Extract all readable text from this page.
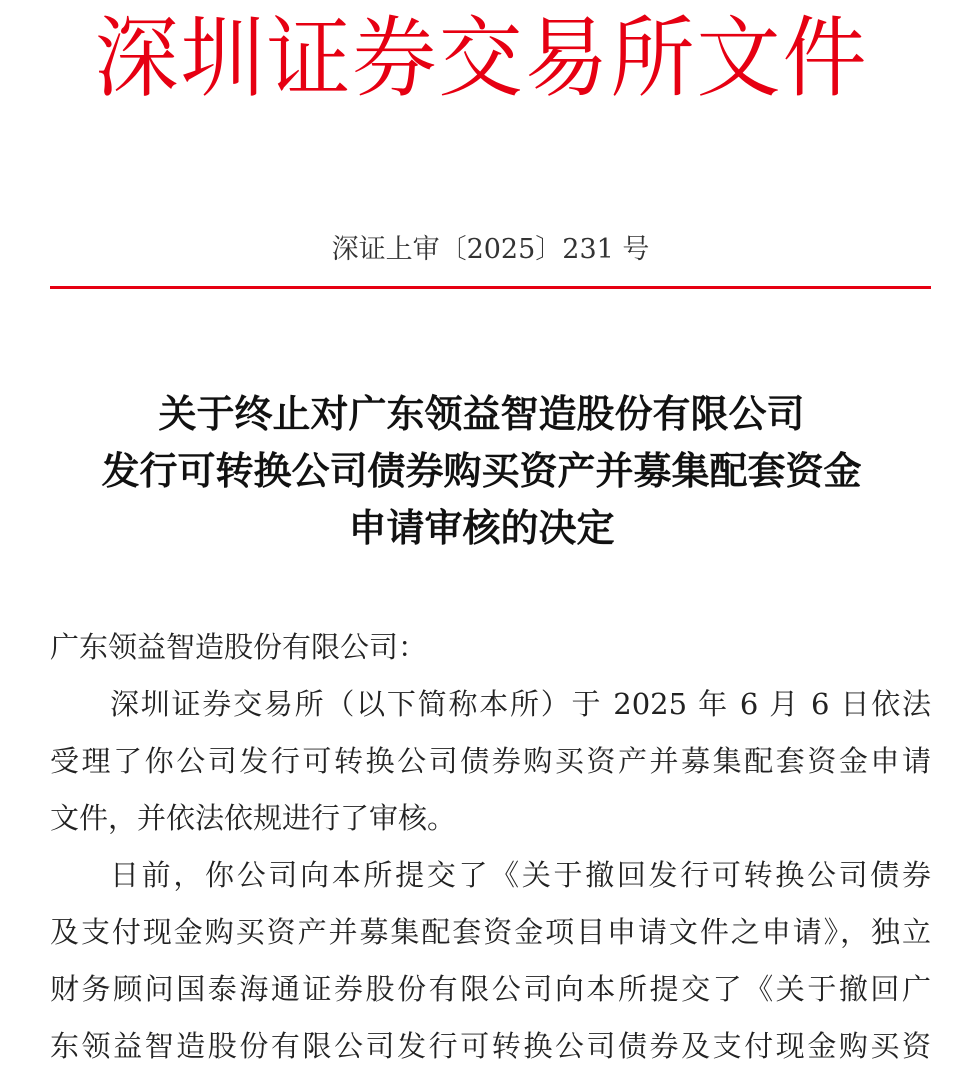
深圳证券交易所文件
深证上审〔2025〕231 号
关于终止对广东领益智造股份有限公司
发行可转换公司债券购买资产并募集配套资金
申请审核的决定
广东领益智造股份有限公司：
深圳证券交易所（以下简称本所）于 2025 年 6 月 6 日依法
受理了你公司发行可转换公司债券购买资产并募集配套资金申请
文件，并依法依规进行了审核。
日前，你公司向本所提交了《关于撤回发行可转换公司债券
及支付现金购买资产并募集配套资金项目申请文件之申请》，独立
财务顾问国泰海通证券股份有限公司向本所提交了《关于撤回广
东领益智造股份有限公司发行可转换公司债券及支付现金购买资
